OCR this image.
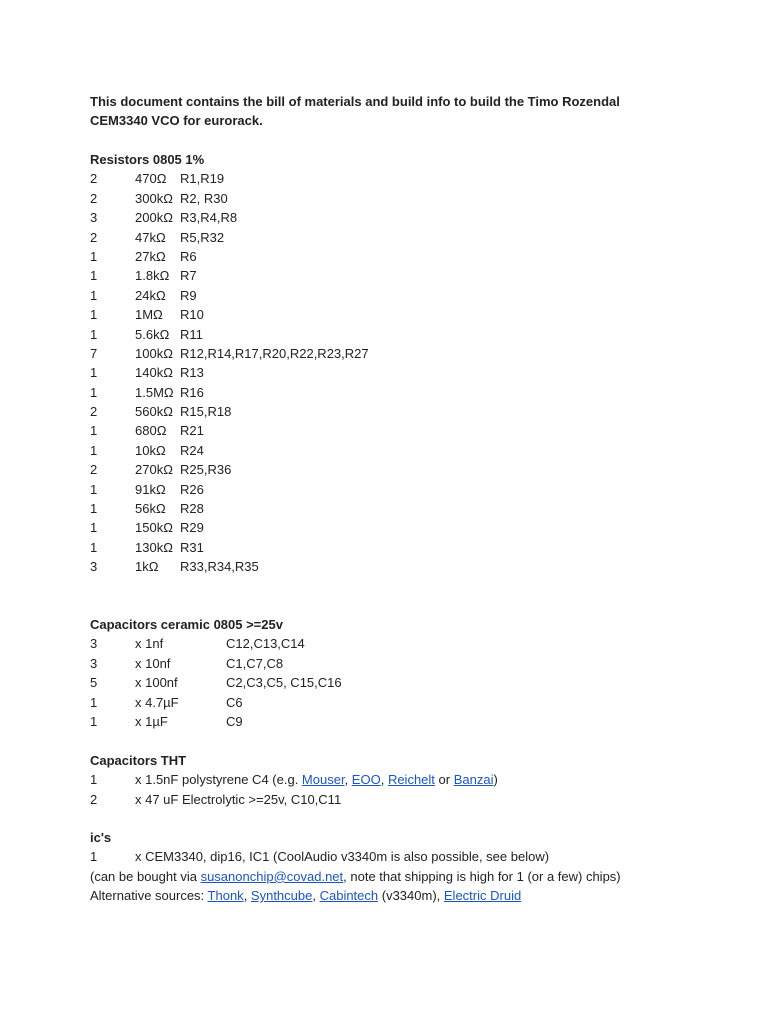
This document contains the bill of materials and build info to build the Timo Rozendal
CEM3340 VCO for eurorack.
Resistors 0805 1%
2	470Ω R1,R19
2	300kΩ R2, R30
3	200kΩ R3,R4,R8
2	47kΩ R5,R32
1	27kΩ R6
1	1.8kΩ R7
1	24kΩ R9
1	1MΩ R10
1	5.6kΩ R11
7	100kΩ R12,R14,R17,R20,R22,R23,R27
1	140kΩ R13
1	1.5MΩ R16
2	560kΩ R15,R18
1	680Ω R21
1	10kΩ R24
2	270kΩ R25,R36
1	91kΩ R26
1	56kΩ R28
1	150kΩ R29
1	130kΩ R31
3	1kΩ R33,R34,R35
Capacitors ceramic 0805 >=25v
3	x 1nf	C12,C13,C14
3	x 10nf	C1,C7,C8
5	x 100nf	C2,C3,C5, C15,C16
1	x 4.7µF	C6
1	x 1µF	C9
Capacitors THT
1	x 1.5nF polystyrene C4 (e.g. Mouser, EOO, Reichelt or Banzai)
2	x 47 uF Electrolytic >=25v, C10,C11
ic's
1	x CEM3340, dip16, IC1 (CoolAudio v3340m is also possible, see below)
(can be bought via susanonchip@covad.net, note that shipping is high for 1 (or a few) chips)
Alternative sources: Thonk, Synthcube, Cabintech (v3340m), Electric Druid
